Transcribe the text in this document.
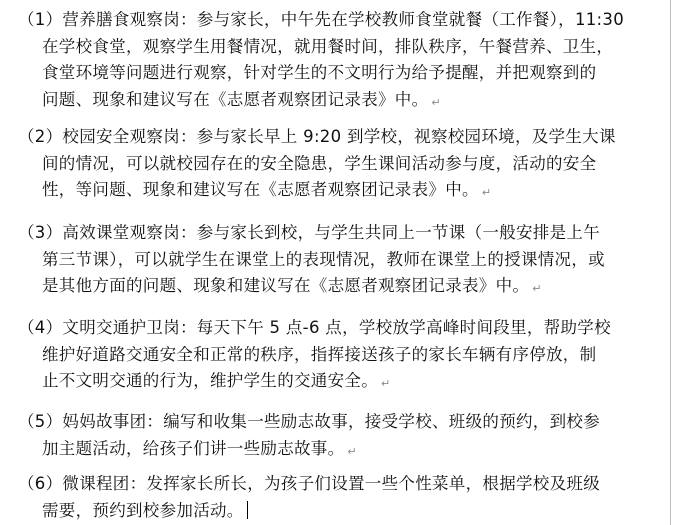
（1）营养膳食观察岗：参与家长，中午先在学校教师食堂就餐（工作餐），11:30
在学校食堂，观察学生用餐情况，就用餐时间，排队秩序，午餐营养、卫生，
食堂环境等问题进行观察，针对学生的不文明行为给予提醒，并把观察到的
问题、现象和建议写在《志愿者观察团记录表》中。 ↵
（2）校园安全观察岗：参与家长早上 9:20 到学校，视察校园环境，及学生大课
间的情况，可以就校园存在的安全隐患，学生课间活动参与度，活动的安全
性，等问题、现象和建议写在《志愿者观察团记录表》中。 ↵
（3）高效课堂观察岗：参与家长到校，与学生共同上一节课（一般安排是上午
第三节课），可以就学生在课堂上的表现情况，教师在课堂上的授课情况，或
是其他方面的问题、现象和建议写在《志愿者观察团记录表》中。 ↵
（4）文明交通护卫岗：每天下午 5 点-6 点，学校放学高峰时间段里，帮助学校
维护好道路交通安全和正常的秩序，指挥接送孩子的家长车辆有序停放，制
止不文明交通的行为，维护学生的交通安全。 ↵
（5）妈妈故事团：编写和收集一些励志故事，接受学校、班级的预约，到校参
加主题活动，给孩子们讲一些励志故事。 ↵
（6）微课程团：发挥家长所长，为孩子们设置一些个性菜单，根据学校及班级
需要，预约到校参加活动。
